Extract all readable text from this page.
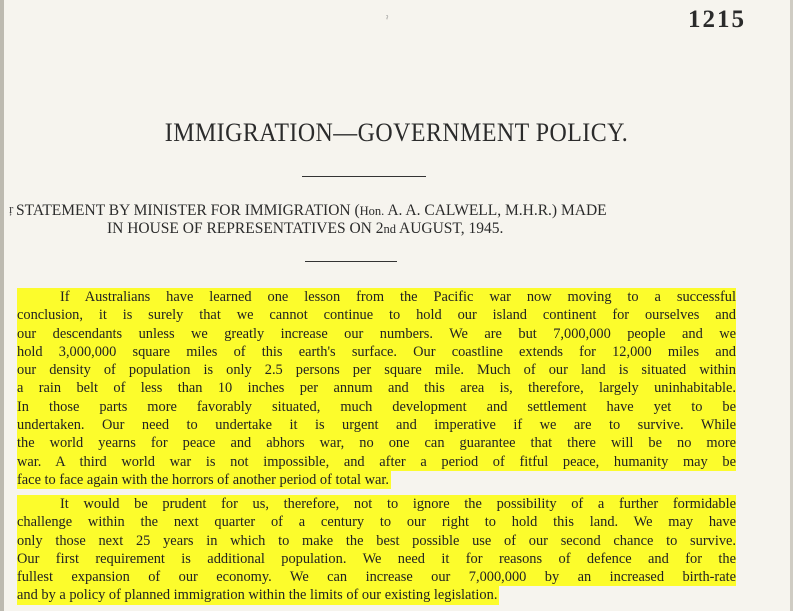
ˀ	1215
IMMIGRATION—GOVERNMENT POLICY.
ŗ STATEMENT BY MINISTER FOR IMMIGRATION (Hon. A. A. CALWELL, M.H.R.) MADE
IN HOUSE OF REPRESENTATIVES ON 2nd AUGUST, 1945.
If Australians have learned one lesson from the Pacific war now moving to a successful
conclusion, it is surely that we cannot continue to hold our island continent for ourselves and
our descendants unless we greatly increase our numbers. We are but 7,000,000 people and we
hold 3,000,000 square miles of this earth's surface. Our coastline extends for 12,000 miles and
our density of population is only 2.5 persons per square mile. Much of our land is situated within
a rain belt of less than 10 inches per annum and this area is, therefore, largely uninhabitable.
In those parts more favorably situated, much development and settlement have yet to be
undertaken. Our need to undertake it is urgent and imperative if we are to survive. While
the world yearns for peace and abhors war, no one can guarantee that there will be no more
war. A third world war is not impossible, and after a period of fitful peace, humanity may be
face to face again with the horrors of another period of total war.
It would be prudent for us, therefore, not to ignore the possibility of a further formidable
challenge within the next quarter of a century to our right to hold this land. We may have
only those next 25 years in which to make the best possible use of our second chance to survive.
Our first requirement is additional population. We need it for reasons of defence and for the
fullest expansion of our economy. We can increase our 7,000,000 by an increased birth-rate
and by a policy of planned immigration within the limits of our existing legislation.
